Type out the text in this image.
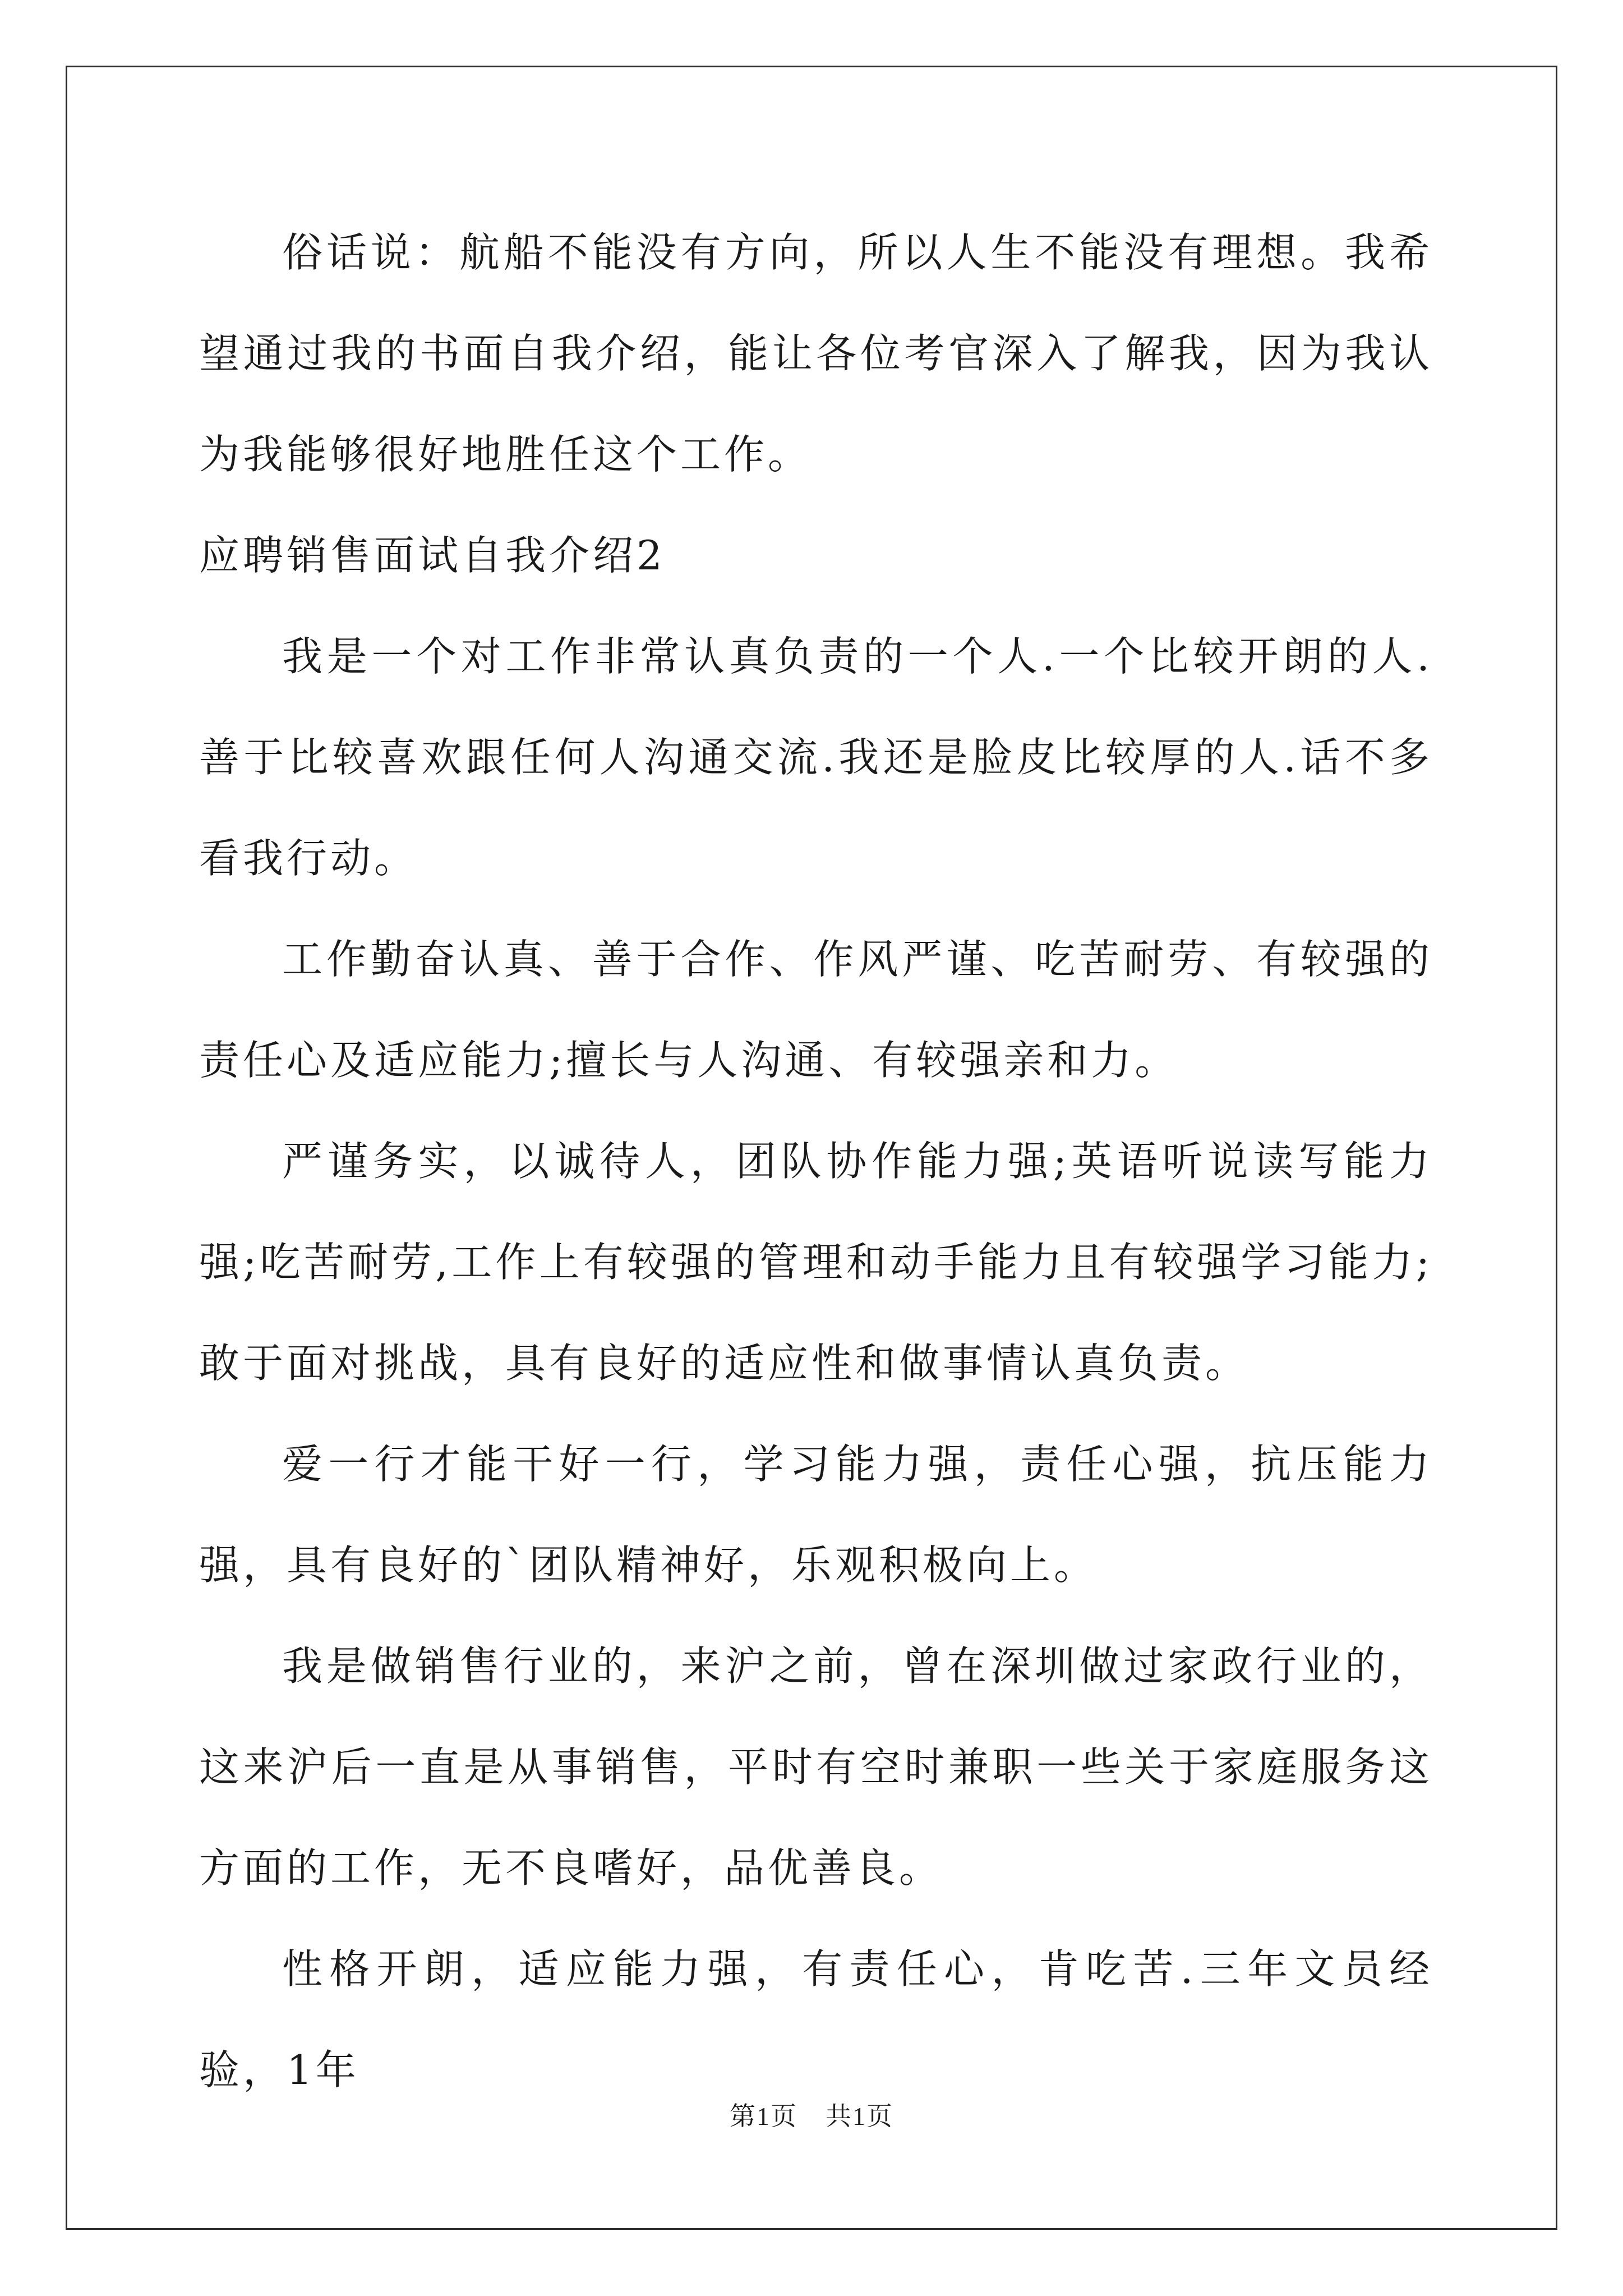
俗话说：航船不能没有方向，所以人生不能没有理想。我希望通过我的书面自我介绍，能让各位考官深入了解我，因为我认为我能够很好地胜任这个工作。

应聘销售面试自我介绍2

我是一个对工作非常认真负责的一个人.一个比较开朗的人.善于比较喜欢跟任何人沟通交流.我还是脸皮比较厚的人.话不多看我行动。

工作勤奋认真、善于合作、作风严谨、吃苦耐劳、有较强的责任心及适应能力;擅长与人沟通、有较强亲和力。

严谨务实，以诚待人，团队协作能力强;英语听说读写能力强;吃苦耐劳,工作上有较强的管理和动手能力且有较强学习能力;敢于面对挑战，具有良好的适应性和做事情认真负责。

爱一行才能干好一行，学习能力强，责任心强，抗压能力强，具有良好的`团队精神好，乐观积极向上。

我是做销售行业的，来沪之前，曾在深圳做过家政行业的，这来沪后一直是从事销售，平时有空时兼职一些关于家庭服务这方面的工作，无不良嗜好，品优善良。

性格开朗，适应能力强，有责任心，肯吃苦.三年文员经验，1年

第1页 共1页
